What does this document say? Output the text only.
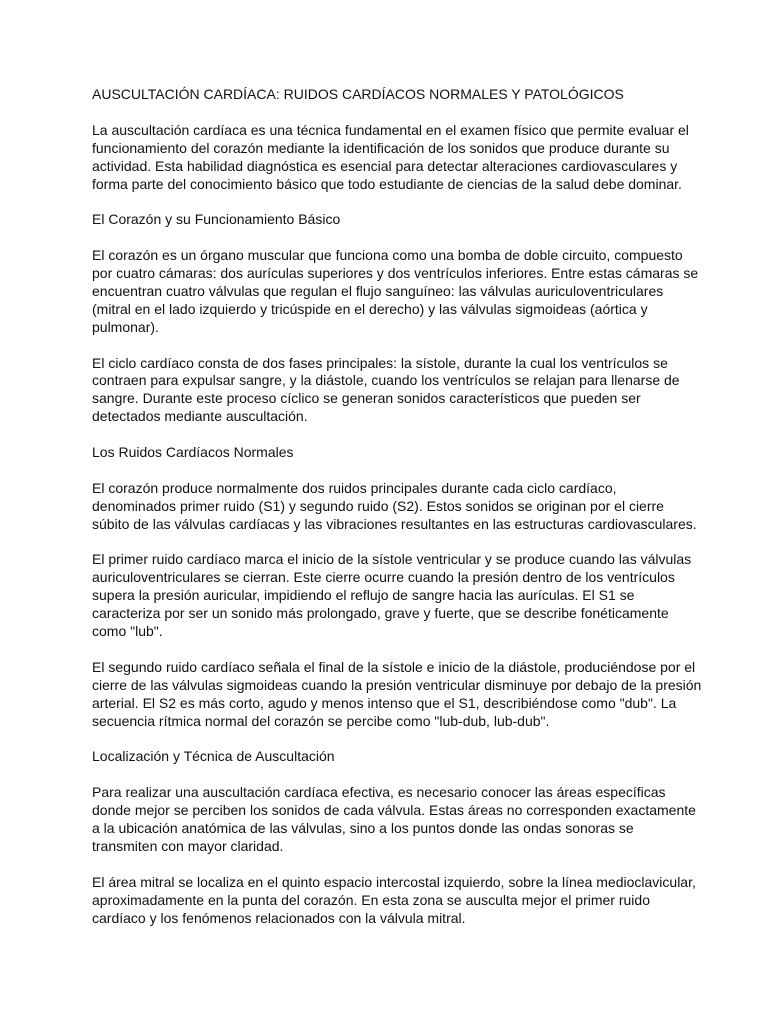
AUSCULTACIÓN CARDÍACA: RUIDOS CARDÍACOS NORMALES Y PATOLÓGICOS

La auscultación cardíaca es una técnica fundamental en el examen físico que permite evaluar el funcionamiento del corazón mediante la identificación de los sonidos que produce durante su actividad. Esta habilidad diagnóstica es esencial para detectar alteraciones cardiovasculares y forma parte del conocimiento básico que todo estudiante de ciencias de la salud debe dominar.

El Corazón y su Funcionamiento Básico

El corazón es un órgano muscular que funciona como una bomba de doble circuito, compuesto por cuatro cámaras: dos aurículas superiores y dos ventrículos inferiores. Entre estas cámaras se encuentran cuatro válvulas que regulan el flujo sanguíneo: las válvulas auriculoventriculares (mitral en el lado izquierdo y tricúspide en el derecho) y las válvulas sigmoideas (aórtica y pulmonar).

El ciclo cardíaco consta de dos fases principales: la sístole, durante la cual los ventrículos se contraen para expulsar sangre, y la diástole, cuando los ventrículos se relajan para llenarse de sangre. Durante este proceso cíclico se generan sonidos característicos que pueden ser detectados mediante auscultación.

Los Ruidos Cardíacos Normales

El corazón produce normalmente dos ruidos principales durante cada ciclo cardíaco, denominados primer ruido (S1) y segundo ruido (S2). Estos sonidos se originan por el cierre súbito de las válvulas cardíacas y las vibraciones resultantes en las estructuras cardiovasculares.

El primer ruido cardíaco marca el inicio de la sístole ventricular y se produce cuando las válvulas auriculoventriculares se cierran. Este cierre ocurre cuando la presión dentro de los ventrículos supera la presión auricular, impidiendo el reflujo de sangre hacia las aurículas. El S1 se caracteriza por ser un sonido más prolongado, grave y fuerte, que se describe fonéticamente como "lub".

El segundo ruido cardíaco señala el final de la sístole e inicio de la diástole, produciéndose por el cierre de las válvulas sigmoideas cuando la presión ventricular disminuye por debajo de la presión arterial. El S2 es más corto, agudo y menos intenso que el S1, describiéndose como "dub". La secuencia rítmica normal del corazón se percibe como "lub-dub, lub-dub".

Localización y Técnica de Auscultación

Para realizar una auscultación cardíaca efectiva, es necesario conocer las áreas específicas donde mejor se perciben los sonidos de cada válvula. Estas áreas no corresponden exactamente a la ubicación anatómica de las válvulas, sino a los puntos donde las ondas sonoras se transmiten con mayor claridad.

El área mitral se localiza en el quinto espacio intercostal izquierdo, sobre la línea medioclavicular, aproximadamente en la punta del corazón. En esta zona se ausculta mejor el primer ruido cardíaco y los fenómenos relacionados con la válvula mitral.
